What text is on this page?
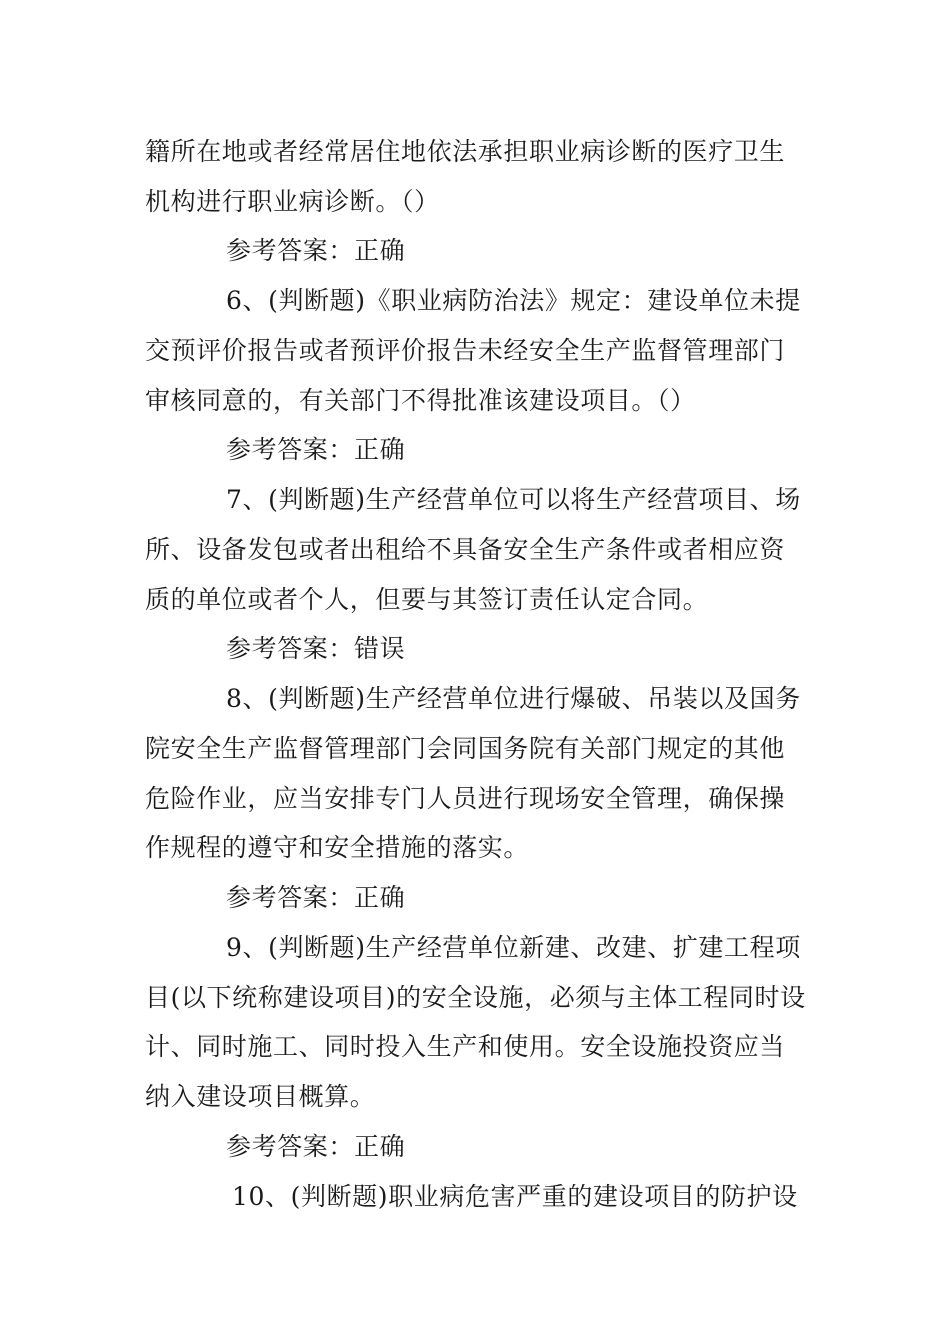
籍所在地或者经常居住地依法承担职业病诊断的医疗卫生
机构进行职业病诊断。（）
参考答案：正确
6、(判断题)《职业病防治法》规定：建设单位未提
交预评价报告或者预评价报告未经安全生产监督管理部门
审核同意的，有关部门不得批准该建设项目。（）
参考答案：正确
7、(判断题)生产经营单位可以将生产经营项目、场
所、设备发包或者出租给不具备安全生产条件或者相应资
质的单位或者个人，但要与其签订责任认定合同。
参考答案：错误
8、(判断题)生产经营单位进行爆破、吊装以及国务
院安全生产监督管理部门会同国务院有关部门规定的其他
危险作业，应当安排专门人员进行现场安全管理，确保操
作规程的遵守和安全措施的落实。
参考答案：正确
9、(判断题)生产经营单位新建、改建、扩建工程项
目(以下统称建设项目)的安全设施，必须与主体工程同时设
计、同时施工、同时投入生产和使用。安全设施投资应当
纳入建设项目概算。
参考答案：正确
10、(判断题)职业病危害严重的建设项目的防护设
